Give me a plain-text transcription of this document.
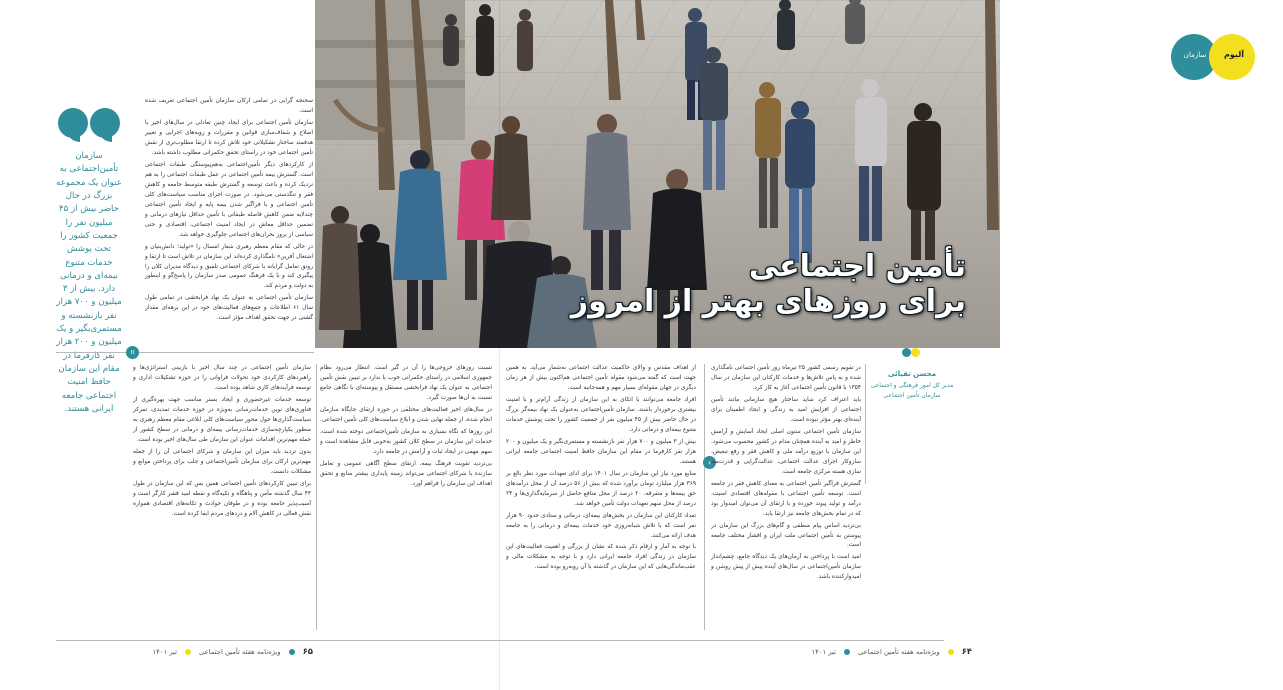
سازمان	آلبوم
تأمین اجتماعی
برای روزهای بهتر از امروز
سازمان تأمین‌اجتماعی به عنوان یک مجموعه بزرگ در حال حاضر بیش از ۴۵ میلیون نفر را جمعیت کشور را تحت پوشش خدمات متنوع بیمه‌ای و درمانی دارد. بیش از ۳ میلیون و ۷۰۰ هزار نفر بازنشسته و مستمری‌بگیر و یک میلیون و ۲۰۰ هزار نفر کارفرما در مقام این سازمان حافظ امنیت اجتماعی جامعه ایرانی هستند.

سخنجه گرایی در تمامی ارکان سازمان تأمین اجتماعی تعریف شده است.

سازمان تأمین اجتماعی برای ایجاد چنین تعادلی در سال‌های اخیر با اصلاح و شفاف‌سازی قوانین و مقررات و رویه‌های اجرایی و تغییر هدفمند ساختار تشکیلاتی خود تلاش کرده تا ارتقا مطلوب‌تری از نقش تأمین اجتماعی خود در راستای تحقق حکمرانی مطلوب داشته باشد.

از کارکردهای دیگر تأمین‌اجتماعی به‌هم‌پیوستگی طبقات اجتماعی است. گسترش بیمه تأمین اجتماعی در عمل طبقات اجتماعی را به هم نزدیک کرده و باعث توسعه و گسترش طبقه متوسط جامعه و کاهش فقر و تنگدستی می‌شود. در صورت اجرای مناسب سیاست‌های کلی تأمین اجتماعی و با فراگیر شدن بیمه پایه و ایجاد تأمین اجتماعی چندلایه ضمن کاهش فاصله طبقاتی با تأمین حداقل نیازهای درمانی و تضمین حداقل معاش در ایجاد امنیت اجتماعی، اقتصادی و حتی سیاسی از بروز بحران‌های اجتماعی جلوگیری خواهد شد.

در حالی که مقام معظم رهبری شعار امسال را «تولید؛ دانش‌بنیان و اشتغال آفرین» نامگذاری کرده‌اند این سازمان در تلاش است تا ارتقا و رونق تعامل گرایانه با شرکای اجتماعی تلفیق و دیدگاه مدیران کلان را پیگیری کند و با یک فرهنگ عمومی صدر سازمان را پاسخ‌گو و اینطور به دولت و مردم کند.

سازمان تأمین اجتماعی به عنوان یک نهاد فرابخشی در تمامی طول سال ۶۱ اطلاعات و جمع‌های فعالیت‌های خود در این برهه‌ای مقدار گشتی در جهت تحقق اهداف مؤثر است.

ıı

سازمان تأمین اجتماعی در چند سال اخیر با بازبینی استراتژی‌ها و راهبردهای کارکردی خود تحولات فراوانی را در حوزه تشکیلات اداری و توسعه فرآیندهای کاری شاهد بوده است.

توسعه خدمات غیرحضوری و ایجاد بستر مناسب جهت بهره‌گیری از فناوری‌های نوین خدمات‌رسانی به‌ویژه در حوزه خدمات تمدیدی، تمرکز سیاست‌گذاری‌ها حول محور سیاست‌های کلی ابلاغی مقام معظم رهبری به منظور یکپارچه‌سازی خدمات‌رسانی بیمه‌ای و درمانی در سطح کشور از جمله مهم‌ترین اقدامات عنوان این سازمان طی سال‌های اخیر بوده است.

بدون تردید باید میزان این سازمان و شرکای اجتماعی آن را از جمله مهم‌ترین ارکان برای سازمان تأمین‌اجتماعی و جلب برای پرداختن موانع و مشکلات دانست.

برای تبیین کارکردهای تأمین اجتماعی همین بس که این سازمان در طول ۴۳ سال گذشته مأمن و پناهگاه و تکیه‌گاه و نقطه امید قشر کارگر است و آسیب‌پذیر جامعه بوده و در طوفان حوادث و تکانه‌های اقتصادی همواره نقش فعالی در کاهش آلام و دردهای مردم ایفا کرده است.

نسبت روزهای خروجی‌ها را آن در گیر است. انتظار می‌رود نظام جمهوری اسلامی در راستای حکمرانی خوب با ندارد بر تبیین نقش تأمین اجتماعی به عنوان یک نهاد فرابخشی مستقل و پیوسته‌ای با نگاهی جامع نسبت به آن‌ها صورت گیرد.

در سال‌های اخیر فعالیت‌های مختلفی در حوزه ارتقای جایگاه سازمان انجام شده، از جمله نهایی شدن و ابلاغ سیاست‌های کلی تأمین اجتماعی.

این روزها که نگاه بسیاری به سازمان تأمین‌اجتماعی دوخته شده است، خدمات این سازمان در سطح کلان کشور به‌خوبی قابل مشاهده است و سهم مهمی در ایجاد ثبات و آرامش در جامعه دارد.

بی‌تردید تقویت فرهنگ بیمه، ارتقای سطح آگاهی عمومی و تعامل سازنده با شرکای اجتماعی می‌تواند زمینه پایداری بیشتر منابع و تحقق اهداف این سازمان را فراهم آورد.

از اهداف مقدس و والای حاکمیت عدالت اجتماعی به‌شمار می‌آید. به همین جهت است که گفته می‌شود مقوله تأمین اجتماعی هم‌اکنون بیش از هر زمان دیگری در جهان مقوله‌ای بسیار مهم و همه‌جانبه است.

افراد جامعه می‌توانند با اتکای به این سازمان از زندگی آرام‌تر و با امنیت بیشتری برخوردار باشند. سازمان تأمین‌اجتماعی به‌عنوان یک نهاد بیمه‌گر بزرگ در حال حاضر بیش از ۴۵ میلیون نفر از جمعیت کشور را تحت پوشش خدمات متنوع بیمه‌ای و درمانی دارد.

بیش از ۳ میلیون و ۷۰۰ هزار نفر بازنشسته و مستمری‌بگیر و یک میلیون و ۲۰۰ هزار نفر کارفرما در مقام این سازمان حافظ امنیت اجتماعی جامعه ایرانی هستند.

منابع مورد نیاز این سازمان در سال ۱۴۰۱ برای ادای تعهدات مورد نظر بالغ بر ۳۶۹ هزار میلیارد تومان برآورد شده که بیش از ۵۶ درصد آن از محل درآمدهای حق بیمه‌ها و متفرقه، ۲۰ درصد از محل منافع حاصل از سرمایه‌گذاری‌ها و ۲۴ درصد از محل سهم تعهدات دولت تأمین خواهد شد.

تعداد کارکنان این سازمان در بخش‌های بیمه‌ای، درمانی و ستادی حدود ۹۰ هزار نفر است که با تلاش شبانه‌روزی خود خدمات بیمه‌ای و درمانی را به جامعه هدف ارائه می‌کنند.

با توجه به آمار و ارقام ذکر شده که نشان از بزرگی و اهمیت فعالیت‌های این سازمان در زندگی افراد جامعه ایرانی دارد و با توجه به مشکلات مالی و عقب‌ماندگی‌هایی که این سازمان در گذشته با آن روبه‌رو بوده است.

‹

در تقویم رسمی کشور ۲۵ تیرماه روز تأمین اجتماعی نامگذاری شده و به پاس تلاش‌ها و خدمات کارکنان این سازمان در سال ۱۳۵۴ با قانون تأمین اجتماعی آغاز به کار کرد.

باید اعتراف کرد شاید ساختار هیچ سازمانی مانند تأمین اجتماعی از افزایش امید به زندگی و ایجاد اطمینان برای آینده‌ای بهتر مؤثر نبوده است.

سازمان تأمین اجتماعی ستون اصلی ایجاد آسایش و آرامش خاطر و امید به آینده همچنان مدام در کشور محسوب می‌شود. این سازمان با توزیع درآمد ملی و کاهش فقر و رفع تبعیض، سازوکار اجرای عدالت اجتماعی، عدالت‌گرایی و قدرت‌مند سازی هسته مرکزی جامعه است.

گسترش فراگیر تأمین اجتماعی به معنای کاهش فقر در جامعه است. توسعه تأمین اجتماعی با مقوله‌های اقتصادی امنیت، درآمد و تولید پیوند خورده و با ارتقای آن می‌توان امیدوار بود که در تمام بخش‌های جامعه نیز ارتقا یابد.

بی‌تردید اساس پیام منطقی و گام‌های بزرگ این سازمان در پیوستن به تأمین اجتماعی ملت ایران و اقشار مختلف جامعه است.

امید است با پرداختن به آرمان‌های یک دیدگاه جامع، چشم‌انداز سازمان تأمین‌اجتماعی در سال‌های آینده پیش از پیش روشن و امیدوارکننده باشد.

محسن تقیائی
مدیر کل امور فرهنگی و اجتماعی سازمان تأمین اجتماعی
۶۵
ویژه‌نامه هفته تأمین اجتماعی
تیر ۱۴۰۱	۶۴
ویژه‌نامه هفته تأمین اجتماعی
تیر ۱۴۰۱
